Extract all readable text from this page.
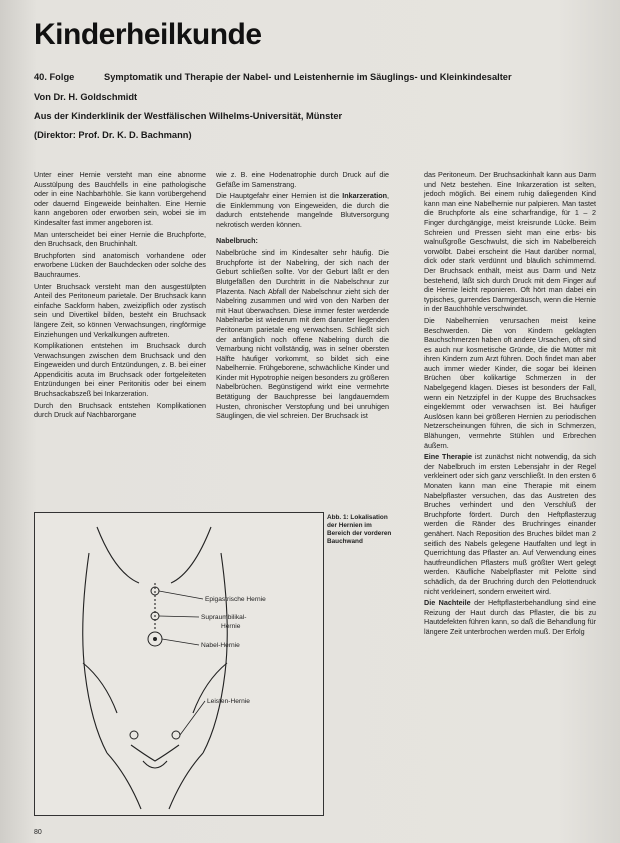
Kinderheilkunde
40. Folge	Symptomatik und Therapie der Nabel- und Leistenhernie im Säuglings- und Kleinkindesalter
Von Dr. H. Goldschmidt
Aus der Kinderklinik der Westfälischen Wilhelms-Universität, Münster
(Direktor: Prof. Dr. K. D. Bachmann)

Unter einer Hernie versteht man eine abnorme Ausstülpung des Bauchfells in eine pathologische oder in eine Nachbarhöhle. Sie kann vorübergehend oder dauernd Eingeweide beinhalten. Eine Hernie kann angeboren oder erworben sein, wobei sie im Kindesalter fast immer angeboren ist.

Man unterscheidet bei einer Hernie die Bruchpforte, den Bruchsack, den Bruchinhalt.

Bruchpforten sind anatomisch vorhandene oder erworbene Lücken der Bauchdecken oder solche des Bauchraumes.

Unter Bruchsack versteht man den ausgestülpten Anteil des Peritoneum parietale. Der Bruchsack kann einfache Sackform haben, zweizipflich oder zystisch sein und Divertikel bilden, besteht ein Bruchsack längere Zeit, so können Verwachsungen, ringförmige Einziehungen und Verkalkungen auftreten.

Komplikationen entstehen im Bruchsack durch Verwachsungen zwischen dem Bruchsack und den Eingeweiden und durch Entzündungen, z. B. bei einer Appendicitis acuta im Bruchsack oder fortgeleiteten Entzündungen bei einer Peritonitis oder bei einem Bruchsackabszeß bei Inkarzeration.

Durch den Bruchsack entstehen Komplikationen durch Druck auf Nachbarorgane

wie z. B. eine Hodenatrophie durch Druck auf die Gefäße im Samenstrang.

Die Hauptgefahr einer Hernien ist die Inkarzeration, die Einklemmung von Eingeweiden, die durch die dadurch entstehende mangelnde Blutversorgung nekrotisch werden können.

Nabelbruch:

Nabelbrüche sind im Kindesalter sehr häufig. Die Bruchpforte ist der Nabelring, der sich nach der Geburt schließen sollte. Vor der Geburt läßt er den Blutgefäßen den Durchtritt in die Nabelschnur zur Plazenta. Nach Abfall der Nabelschnur zieht sich der Nabelring zusammen und wird von den Narben der mit Haut überwachsen. Diese immer fester werdende Nabelnarbe ist wiederum mit dem darunter liegenden Peritoneum parietale eng verwachsen. Schließt sich der anfänglich noch offene Nabelring durch die Vernarbung nicht vollständig, was in selner obersten Hälfte häufiger vorkommt, so bildet sich eine Nabelhernie. Frühgeborene, schwächliche Kinder und Kinder mit Hypotrophie neigen besonders zu größeren Nabelbrüchen. Begünstigend wirkt eine vermehrte Betätigung der Bauchpresse bei langdauerndem Husten, chronischer Verstopfung und bei unruhigen Säuglingen, die viel schreien. Der Bruchsack ist

das Peritoneum. Der Bruchsackinhalt kann aus Darm und Netz bestehen. Eine Inkarzeration ist selten, jedoch möglich. Bei einem ruhig daliegenden Kind kann man eine Nabelhernie nur palpieren. Man tastet die Bruchpforte als eine scharfrandige, für 1 – 2 Finger durchgängige, meist kreisrunde Lücke. Beim Schreien und Pressen sieht man eine erbs- bis walnußgroße Geschwulst, die sich im Nabelbereich vorwölbt. Dabei erscheint die Haut darüber normal, dick oder stark verdünnt und bläulich schimmernd. Der Bruchsack enthält, meist aus Darm und Netz bestehend, läßt sich durch Druck mit dem Finger auf die Hernie leicht reponieren. Oft hört man dabei ein typisches, gurrendes Darmgeräusch, wenn die Hernie in der Bauchhöhle verschwindet.

Die Nabelhernien verursachen meist keine Beschwerden. Die von Kindern geklagten Bauchschmerzen haben oft andere Ursachen, oft sind es auch nur kosmetische Gründe, die die Mütter mit ihren Kindern zum Arzt führen. Doch findet man aber auch immer wieder Kinder, die sogar bei kleinen Brüchen über kolikartige Schmerzen in der Nabelgegend klagen. Dieses ist besonders der Fall, wenn ein Netzzipfel in der Kuppe des Bruchsackes eingeklemmt oder verwachsen ist. Bei häufiger Auslösen kann bei größeren Hernien zu periodischen Netzerscheinungen führen, die sich in Schmerzen, Blähungen, vermehrte Stühlen und Erbrechen äußern.

Eine Therapie ist zunächst nicht notwendig, da sich der Nabelbruch im ersten Lebensjahr in der Regel verkleinert oder sich ganz verschließt. In den ersten 6 Monaten kann man eine Therapie mit einem Nabelpflaster versuchen, das das Austreten des Bruches verhindert und den Verschluß der Bruchpforte fördert. Durch den Heftpflasterzug werden die Ränder des Bruchringes einander genähert. Nach Reposition des Bruches bildet man 2 seitlich des Nabels gelegene Hautfalten und legt in Querrichtung das Pflaster an. Auf Verwendung eines hautfreundlichen Pflasters muß größter Wert gelegt werden. Käufliche Nabelpflaster mit Pelotte sind schädlich, da der Bruchring durch den Pelottendruck nicht verkleinert, sondern erweitert wird.

Die Nachteile der Heftpflasterbehandlung sind eine Reizung der Haut durch das Pflaster, die bis zu Hautdefekten führen kann, so daß die Behandlung für längere Zeit unterbrochen werden muß. Der Erfolg

Epigastrische Hernie
Supraumbilikal-
Hernie
Nabel-Hernie
Leisten-Hernie
Abb. 1: Lokalisation der Hernien im Bereich der vorderen Bauchwand
80
